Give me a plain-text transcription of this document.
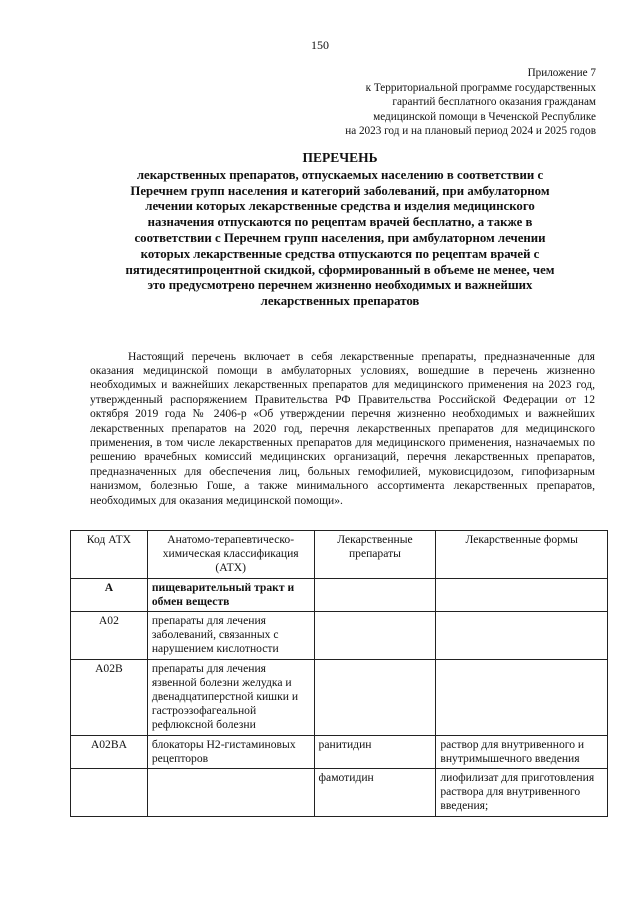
150
Приложение 7
к Территориальной программе государственных
гарантий бесплатного оказания гражданам
медицинской помощи в Чеченской Республике
на 2023 год и на плановый период 2024 и 2025 годов
ПЕРЕЧЕНЬ
лекарственных препаратов, отпускаемых населению в соответствии с
Перечнем групп населения и категорий заболеваний, при амбулаторном
лечении которых лекарственные средства и изделия медицинского
назначения отпускаются по рецептам врачей бесплатно, а также в
соответствии с Перечнем групп населения, при амбулаторном лечении
которых лекарственные средства отпускаются по рецептам врачей с
пятидесятипроцентной скидкой, сформированный в объеме не менее, чем
это предусмотрено перечнем жизненно необходимых и важнейших
лекарственных препаратов

Настоящий перечень включает в себя лекарственные препараты, предназначенные для оказания медицинской помощи в амбулаторных условиях, вошедшие в перечень жизненно необходимых и важнейших лекарственных препаратов для медицинского применения на 2023 год, утвержденный распоряжением Правительства РФ Правительства Российской Федерации от 12 октября 2019 года № 2406-р «Об утверждении перечня жизненно необходимых и важнейших лекарственных препаратов на 2020 год, перечня лекарственных препаратов для медицинского применения, в том числе лекарственных препаратов для медицинского применения, назначаемых по решению врачебных комиссий медицинских организаций, перечня лекарственных препаратов, предназначенных для обеспечения лиц, больных гемофилией, муковисцидозом, гипофизарным нанизмом, болезнью Гоше, а также минимального ассортимента лекарственных препаратов, необходимых для оказания медицинской помощи».

Код АТХ	Анатомо-терапевтическо-химическая классификация (АТХ)	Лекарственные препараты	Лекарственные формы
А	пищеварительный тракт и обмен веществ		
A02	препараты для лечения заболеваний, связанных с нарушением кислотности		
A02B	препараты для лечения язвенной болезни желудка и двенадцатиперстной кишки и гастроэзофагеальной рефлюксной болезни		
A02BA	блокаторы H2-гистаминовых рецепторов	ранитидин	раствор для внутривенного и внутримышечного введения
		фамотидин	лиофилизат для приготовления раствора для внутривенного введения;
